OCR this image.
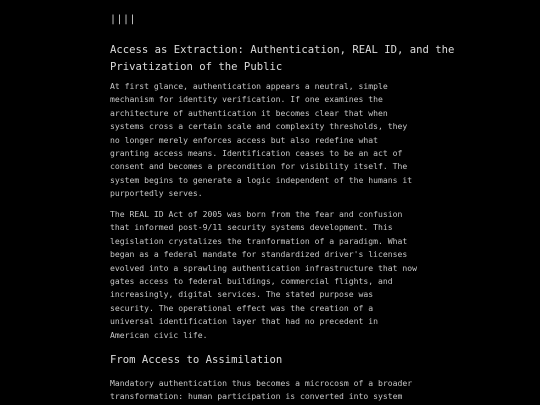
||||
Access as Extraction: Authentication, REAL ID, and the
Privatization of the Public

At first glance, authentication appears a neutral, simple
mechanism for identity verification. If one examines the
architecture of authentication it becomes clear that when
systems cross a certain scale and complexity thresholds, they
no longer merely enforces access but also redefine what
granting access means. Identification ceases to be an act of
consent and becomes a precondition for visibility itself. The
system begins to generate a logic independent of the humans it
purportedly serves.

The REAL ID Act of 2005 was born from the fear and confusion
that informed post-9/11 security systems development. This
legislation crystalizes the tranformation of a paradigm. What
began as a federal mandate for standardized driver's licenses
evolved into a sprawling authentication infrastructure that now
gates access to federal buildings, commercial flights, and
increasingly, digital services. The stated purpose was
security. The operational effect was the creation of a
universal identification layer that had no precedent in
American civic life.

From Access to Assimilation

Mandatory authentication thus becomes a microcosm of a broader
transformation: human participation is converted into system
